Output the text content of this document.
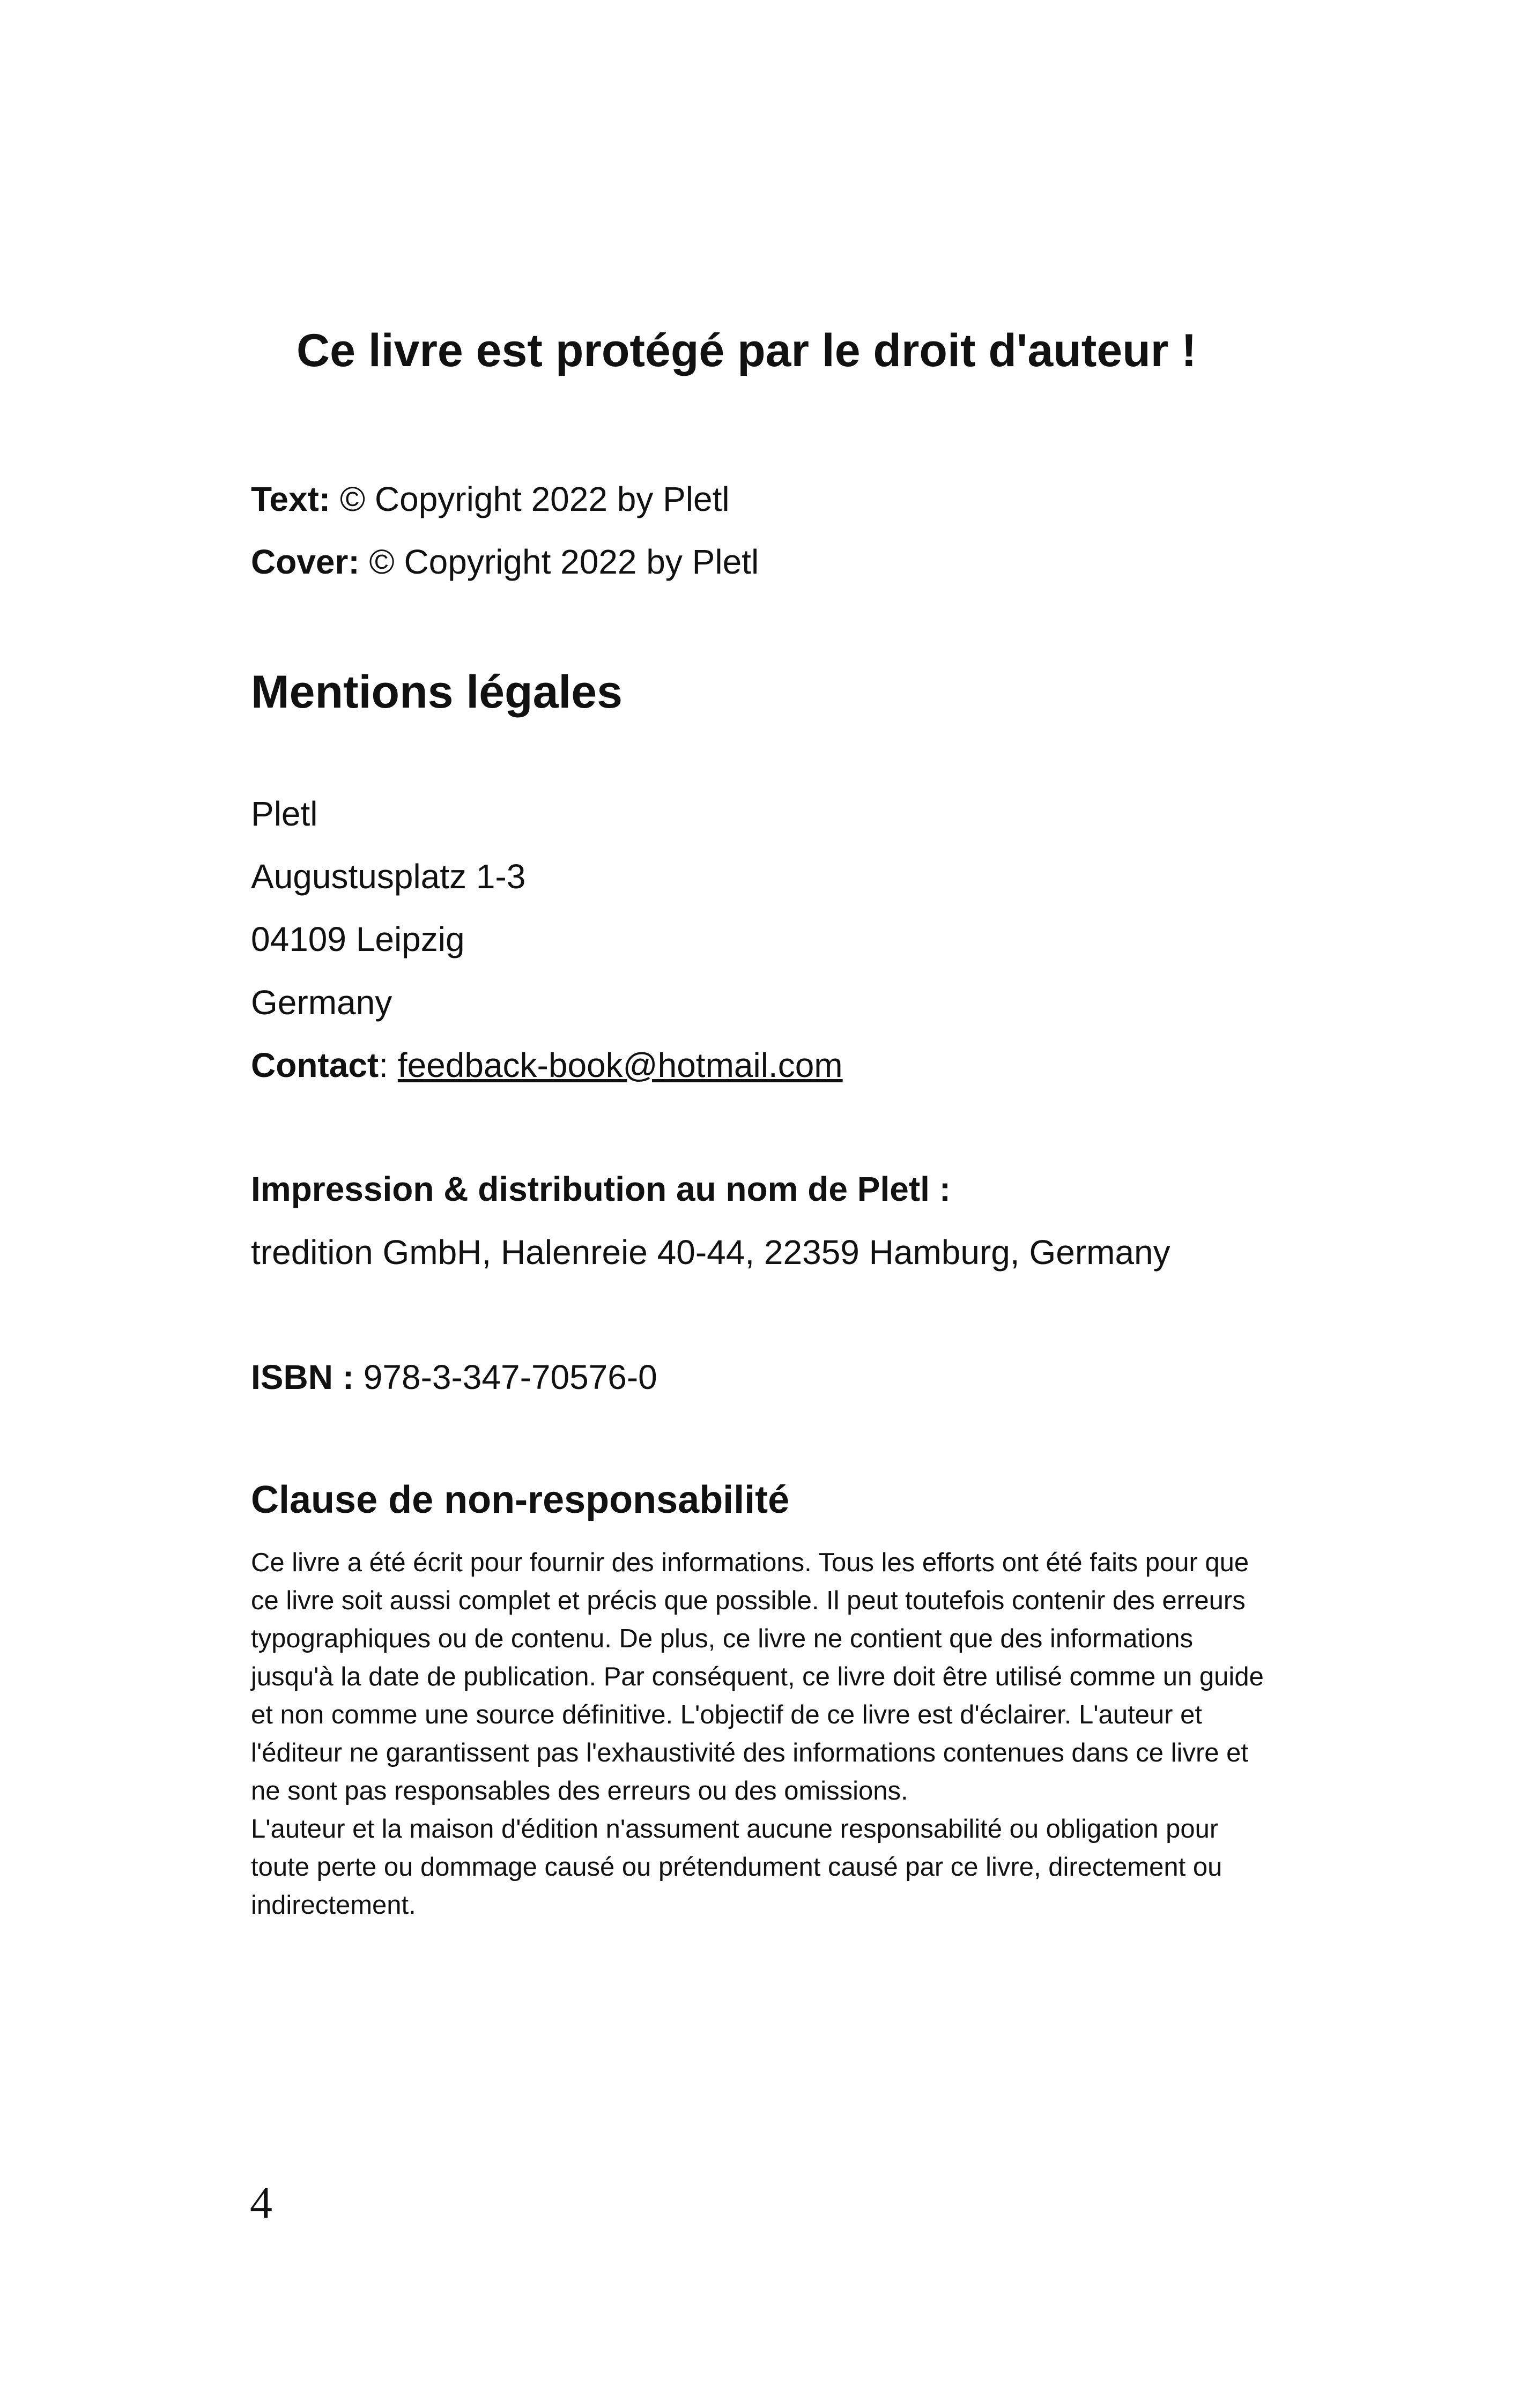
Ce livre est protégé par le droit d'auteur !
Text: © Copyright 2022 by Pletl
Cover: © Copyright 2022 by Pletl
Mentions légales
Pletl
Augustusplatz 1-3
04109 Leipzig
Germany
Contact: feedback-book@hotmail.com
Impression & distribution au nom de Pletl :
tredition GmbH, Halenreie 40-44, 22359 Hamburg, Germany
ISBN : 978-3-347-70576-0
Clause de non-responsabilité

Ce livre a été écrit pour fournir des informations. Tous les efforts ont été faits pour que ce livre soit aussi complet et précis que possible. Il peut toutefois contenir des erreurs typographiques ou de contenu. De plus, ce livre ne contient que des informations jusqu'à la date de publication. Par conséquent, ce livre doit être utilisé comme un guide et non comme une source définitive. L'objectif de ce livre est d'éclairer. L'auteur et l'éditeur ne garantissent pas l'exhaustivité des informations contenues dans ce livre et ne sont pas responsables des erreurs ou des omissions.

L'auteur et la maison d'édition n'assument aucune responsabilité ou obligation pour toute perte ou dommage causé ou prétendument causé par ce livre, directement ou indirectement.

4
